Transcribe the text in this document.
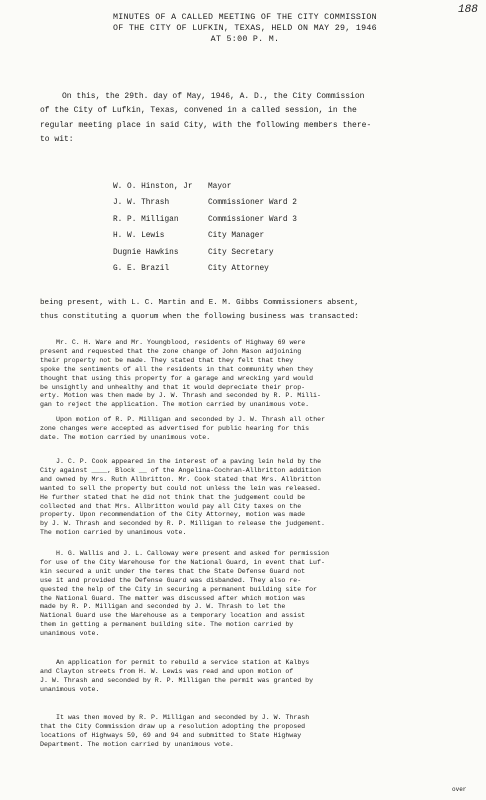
188
MINUTES OF A CALLED MEETING OF THE CITY COMMISSION
OF THE CITY OF LUFKIN, TEXAS, HELD ON MAY 29, 1946
AT 5:00 P. M.
On this, the 29th. day of May, 1946, A. D., the City Commission
of the City of Lufkin, Texas, convened in a called session, in the
regular meeting place in said City, with the following members there-
to wit:
W. O. Hinston, Jr Mayor
J. W. Thrash	Commissioner Ward 2
R. P. Milligan	Commissioner Ward 3
H. W. Lewis	City Manager
Dugnie Hawkins	City Secretary
G. E. Brazil	City Attorney
being present, with L. C. Martin and E. M. Gibbs Commissioners absent,
thus constituting a quorum when the following business was transacted:
Mr. C. H. Ware and Mr. Youngblood, residents of Highway 69 were
present and requested that the zone change of John Mason adjoining
their property not be made. They stated that they felt that they
spoke the sentiments of all the residents in that community when they
thought that using this property for a garage and wrecking yard would
be unsightly and unhealthy and that it would depreciate their prop-
erty. Motion was then made by J. W. Thrash and seconded by R. P. Milli-
gan to reject the application. The motion carried by unanimous vote.
Upon motion of R. P. Milligan and seconded by J. W. Thrash all other
zone changes were accepted as advertised for public hearing for this
date. The motion carried by unanimous vote.
J. C. P. Cook appeared in the interest of a paving lein held by the
City against ____, Block __ of the Angelina-Cochran-Allbritton addition
and owned by Mrs. Ruth Allbritton. Mr. Cook stated that Mrs. Allbritton
wanted to sell the property but could not unless the lein was released.
He further stated that he did not think that the judgement could be
collected and that Mrs. Allbritton would pay all City taxes on the
property. Upon recommendation of the City Attorney, motion was made
by J. W. Thrash and seconded by R. P. Milligan to release the judgement.
The motion carried by unanimous vote.
H. G. Wallis and J. L. Calloway were present and asked for permission
for use of the City Warehouse for the National Guard, in event that Luf-
kin secured a unit under the terms that the State Defense Guard not
use it and provided the Defense Guard was disbanded. They also re-
quested the help of the City in securing a permanent building site for
the National Guard. The matter was discussed after which motion was
made by R. P. Milligan and seconded by J. W. Thrash to let the
National Guard use the Warehouse as a temporary location and assist
them in getting a permanent building site. The motion carried by
unanimous vote.
An application for permit to rebuild a service station at Kalbys
and Clayton streets from H. W. Lewis was read and upon motion of
J. W. Thrash and seconded by R. P. Milligan the permit was granted by
unanimous vote.
It was then moved by R. P. Milligan and seconded by J. W. Thrash
that the City Commission draw up a resolution adopting the proposed
locations of Highways 59, 69 and 94 and submitted to State Highway
Department. The motion carried by unanimous vote.
over
